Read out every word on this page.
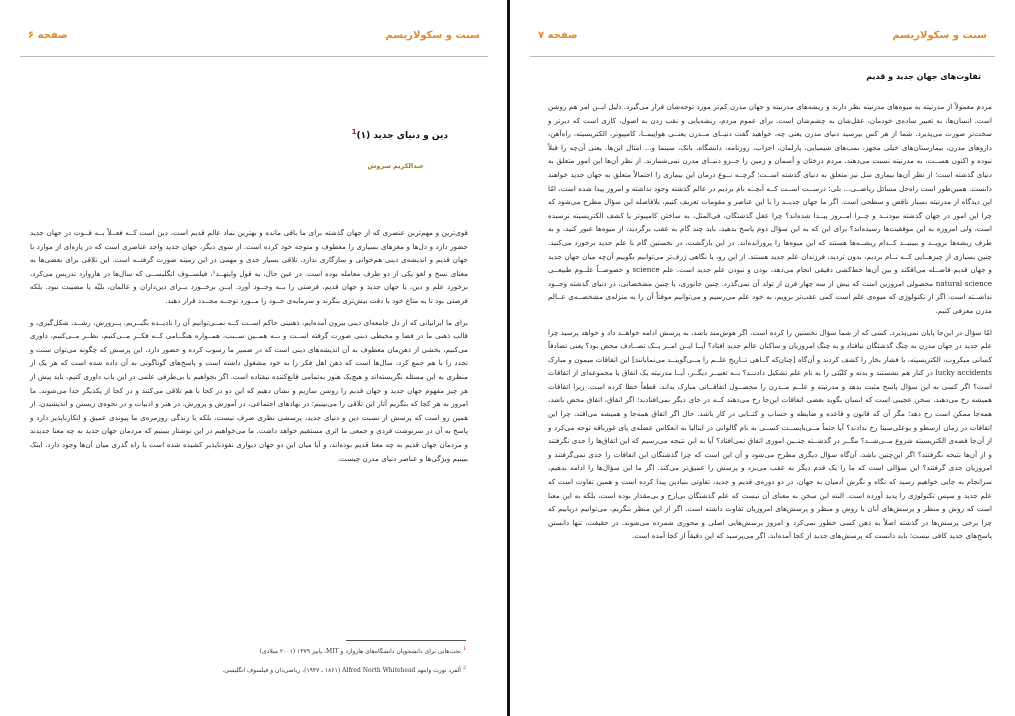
سنت و سکولاریسم
صفحه ۶
دین و دنیای جدید (۱)$^1$
عبدالکریم سروش

قوی‌ترین و مهم‌ترین عنصری که از جهان گذشته برای ما باقی مانده و بهترین نماد عالم قدیم است، دین است کــه فعــلاً بــه قــوت در جهان جدید حضور دارد و دل‌ها و مغزهای بسیاری را معطوف و متوجه خود کرده است. از سوی دیگر، جهان جدید واجد عناصری است که در پاره‌ای از موارد با جهان قدیم و اندیشه‌ی دینی هم‌خوانی و سازگاری ندارد. تلاقی بسیار جدی و مهمی در این زمینه صورت گرفتــه است. این تلاقی برای بعضی‌ها به معنای نسخ و لغو یکی از دو طرف معامله بوده است. در عین حال، به قول وایتهــد¹، فیلســوف انگلیســی که سال‌ها در هاروارد تدریس می‌کرد، برخورد علم و دین، یا جهان جدید و جهان قدیم، فرصتی را بــه وجــود آورد. ایــن برخــورد بــرای دین‌داران و عالمان، بلیّه یا مصیبت نبود. بلکه فرصتی بود تا به متاع خود با دقت بیش‌تری بنگرند و سرمایه‌ی خــود را مــورد توجــه مجــدد قرار دهند.

برای ما ایرانیانی که از دل جامعه‌ای دینی بیرون آمده‌ایم، ذهنیتی حاکم اســت کــه نمــی‌توانیم آن را نادیــده بگیــریم. پــرورش، رشــد، شکل‌گیری، و قالب ذهنی ما در فضا و محیطی دینی صورت گرفته اســت و بــه همــین ســبب، همــواره هنگــامی کــه فکــر مــی‌کنیم، نظــر مــی‌کنیم، داوری می‌کنیم، بخشی از ذهن‌مان معطوف به آن اندیشه‌های دینی است که در ضمیر ما رسوب کرده و حضور دارد. این پرسش که چگونه می‌توان سنت و تجدد را با هم جمع کرد، سال‌ها است که ذهن اهل فکر را به خود مشغول داشته است و پاسخ‌های گوناگونی به آن داده شده است که هر یک از منظری به این مسئله نگریسته‌اند و هیچ‌یک هنوز به‌تمامی قانع‌کننده نیفتاده است. اگر بخواهیم با بی‌طرفی علمی در این باب داوری کنیم، باید پیش از هر چیز مفهوم جهان جدید و جهان قدیم را روشن سازیم و نشان دهیم که این دو در کجا با هم تلاقی می‌کنند و در کجا از یکدیگر جدا می‌شوند. ما امروز به هر کجا که بنگریم آثار این تلاقی را می‌بینیم؛ در نهادهای اجتماعی، در آموزش و پرورش، در هنر و ادبیات و در نحوه‌ی زیستن و اندیشیدن. از همین رو است که پرسش از نسبت دین و دنیای جدید، پرسشی نظری صرف نیست، بلکه با زندگی روزمره‌ی ما پیوندی عمیق و انکارناپذیر دارد و پاسخ به آن در سرنوشت فردی و جمعی ما اثری مستقیم خواهد داشت. ما می‌خواهیم در این نوشتار ببینیم که مردمان جهان جدید به چه معنا جدیدند و مردمان جهان قدیم به چه معنا قدیم بوده‌اند، و آیا میان این دو جهان دیواری نفوذناپذیر کشیده شده است یا راه گذری میان آن‌ها وجود دارد. اینک ببینیم ویژگی‌ها و عناصر دنیای مدرن چیست.

$^1$ بحث‌هایی برای دانشجویان دانشگاه‌های هاروارد و MIT، پاییز ۱۳۷۹ (۲۰۰۱ میلادی)
$^2$ آلفرد نورث وایتهد Alfred North Whitehead (۱۸۶۱ ـ ۱۹۴۷)، ریاضی‌دان و فیلسوف انگلیسی.
سنت و سکولاریسم
صفحه ۷
تفاوت‌های جهان جدید و قدیم

مردم معمولاً از مدرنیته به میوه‌های مدرنیته نظر دارند و ریشه‌های مدرنیته و جهان مدرن کم‌تر مورد توجه‌شان قرار می‌گیرد. ذلیل ایــن امر هم روشن است. انسان‌ها، به تعبیر ساده‌ی خودمان، عقل‌شان به چشم‌شان است. برای عموم مردم، ریشه‌یابی و نقب زدن به اصول، کاری است که دیرتر و سخت‌تر صورت می‌پذیرد. شما از هر کس بپرسید دنیای مدرن یعنی چه، خواهید گفت دنیــای مــدرن یعنــی هواپیمــا، کامپیوتر، الکتریسیته، راه‌آهن، داروهای مدرن، بیمارستان‌های خیلی مجهز، بمب‌های شیمیایی، پارلمان، احزاب، روزنامه، دانشگاه، بانک، سینما و... امثال این‌ها. یعنی آن‌چه را قبلاً نبوده و اکنون هســت، به مدرنیته نسبت می‌دهند. مردم درختان و آسمان و زمین را جــزو دنیــای مدرن نمی‌شمارند. از نظر آن‌ها این امور متعلق به دنیای گذشته است؛ از نظر آن‌ها بیماری سل نیز متعلق به دنیای گذشته اســت؛ گرچــه نــوع درمان این بیماری را احتمالاً متعلق به جهان جدید خواهند دانست. همین‌طور است راه‌حل مسائل ریاضــی... بلی؛ درســت اســت کــه آنچــه نام بردیم در عالم گذشته وجود نداشته و امروز پیدا شده است، امّا این دیدگاه از مدرنیته بسیار ناقص و سطحی است. اگر ما جهان جدیــد را با این عناصر و مقومات تعریف کنیم، بلافاصله این سؤال مطرح می‌شود که چرا این امور در جهان گذشته نبودنــد و چــرا امــروز پیــدا شده‌اند؟ چرا عقل گذشتگان، فی‌المثل، به ساختن کامپیوتر یا کشف الکتریسیته نرسیده است، ولی امروزه به این موفقیت‌ها رسیده‌اند؟ برای این که به این سؤال دوم پاسخ بدهید، باید چند گام به عقب برگردید، از میوه‌ها عبور کنید، و به طرف ریشه‌ها برویــد و ببینیــد کــدام ریشــه‌ها هستند که این میوه‌ها را پرورانده‌اند. در این بازگشت، در نخستین گام با علم جدید برخورد می‌کنید. چنین بسیاری از چیزهــایی کــه نــام بردیم، بدون تردید، فرزندان علم جدید هستند. از این رو، با نگاهی ژرف‌تر می‌توانیم بگوییم آن‌چه میان جهان جدید و جهان قدیم فاصــله می‌افکند و بین آن‌ها خط‌کشی دقیقی انجام می‌دهد، بودن و نبودن علم جدید است. علم science و خصوصــاً علــوم طبیعــی natural science محصولی امروزین است که بیش از سه چهار قرن از تولد آن نمی‌گذرد. چنین جانوری، یا چنین مشخصاتی، در دنیای گذشته وجــود نداشــته است. اگر از تکنولوژی که میوه‌ی علم است کمی عقب‌تر برویم، به خود علم می‌رسیم و می‌توانیم موقتاً آن را به منزله‌ی مشخصــه‌ی عــالم مدرن معرفی کنیم.

امّا سؤال در این‌جا پایان نمی‌پذیرد. کسی که از شما سؤال نخستین را کرده است، اگر هوش‌مند باشد، به پرسش ادامه خواهــد داد و خواهد پرسید چرا علم جدید در جهان مدرن به چنگ گذشتگان نیافتاد و به چنگ امروزیان و ساکنان عالم جدید افتاد؟ آیــا ایــن امــر یــک تصــادف محض بود؟ یعنی تصادفاً کسانی میکروب، الکتریسیته، یا فشار بخار را کشف کردند و آن‌گاه [چنان‌که گــاهی تــاریخ علــم را مــی‌گوینــد می‌نمایانند] این اتفاقات میمون و مبارک lucky accidents در کنار هم نشستند و بدنه و کلیّتی را به نام علم تشکیل دادنــد؟ بــه تعبیــر دیگــر، آیــا مدرنیته یک اتفاق یا مجموعه‌ای از اتفاقات است؟ اگر کسی به این سؤال پاسخ مثبت بدهد و مدرنیته و علــم مــدرن را محصــول اتفاقــاتی مبارک بداند، قطعاً خطا کرده است. زیرا اتفاقات همیشه رخ می‌دهند. سخن عجیبی است که انسان بگوید بعضی اتفاقات این‌جا رخ می‌دهند کــه در جای دیگر نمی‌افتادند؛ اگر اتفاق، اتفاق محض باشد، همه‌جا ممکن است رخ دهد؛ مگر آن که قانون و قاعده و ضابطه و حساب و کتــابی در کار باشد. حال اگر اتفاق همه‌جا و همیشه می‌افتد، چرا این اتفاقات در زمان ارسطو و بوعلی‌سینا رخ ندادند؟ آیا حتماً مــی‌بایســت کســی به نام گالوانی در ایتالیا به انعکاس عضله‌ی پای غورباقه توجه می‌کرد و از آن‌جا قصه‌ی الکتریسیته شروع مــی‌شــد؟ مگــر در گذشــته چنــین اموری اتفاق نمی‌افتاد؟ آیا به این نتیجه می‌رسیم که این اتفاق‌ها را جدی نگرفتند و از آن‌ها نتیجه نگرفتند؟ اگر این‌چنین باشد، آن‌گاه سؤال دیگری مطرح می‌شود و آن این است که چرا گذشتگان این اتفاقات را جدی نمی‌گرفتند و امروزیان جدی گرفتند؟ این سؤالی است که ما را یک قدم دیگر به عقب می‌برد و پرسش را عمیق‌تر می‌کند. اگر ما این سؤال‌ها را ادامه بدهیم، سرانجام به جایی خواهیم رسید که نگاه و نگرش آدمیان به جهان، در دو دوره‌ی قدیم و جدید، تفاوتی بنیادین پیدا کرده است و همین تفاوت است که علم جدید و سپس تکنولوژی را پدید آورده است. البته این سخن به معنای آن نیست که علم گذشتگان بی‌ارج و بی‌مقدار بوده است، بلکه به این معنا است که روش و منظر و پرسش‌های آنان با روش و منظر و پرسش‌های امروزیان تفاوت داشته است. اگر از این منظر بنگریم، می‌توانیم دریابیم که چرا برخی پرسش‌ها در گذشته اصلاً به ذهن کسی خطور نمی‌کرد و امروز پرسش‌هایی اصلی و محوری شمرده می‌شوند. در حقیقت، تنها دانستن پاسخ‌های جدید کافی نیست؛ باید دانست که پرسش‌های جدید از کجا آمده‌اند، اگر می‌پرسید که این دقیقاً از کجا آمده است.
